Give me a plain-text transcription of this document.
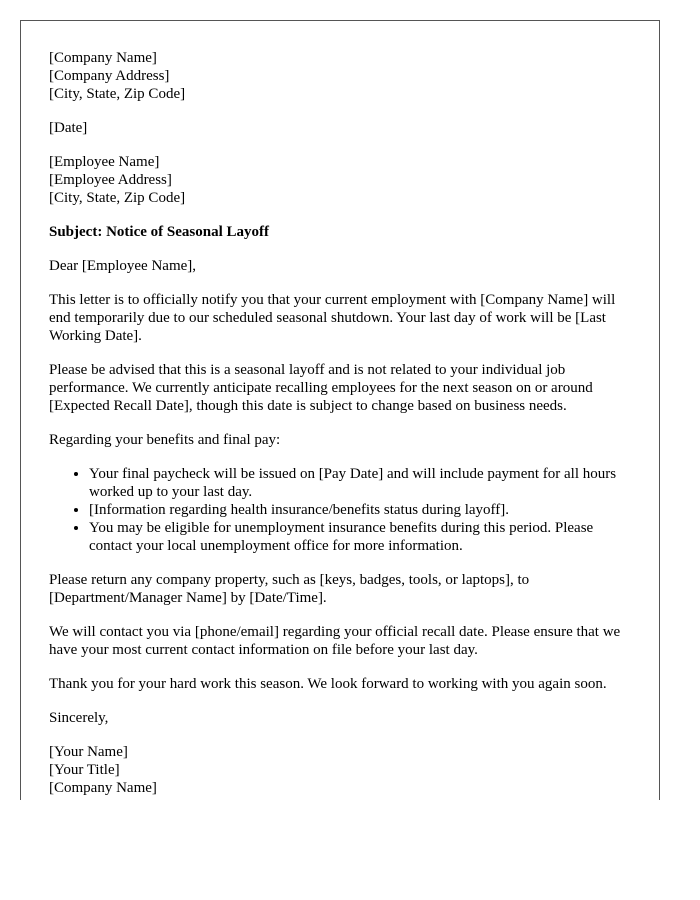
[Company Name]
[Company Address]
[City, State, Zip Code]
[Date]
[Employee Name]
[Employee Address]
[City, State, Zip Code]

Subject: Notice of Seasonal Layoff

Dear [Employee Name],

This letter is to officially notify you that your current employment with [Company Name] will end temporarily due to our scheduled seasonal shutdown. Your last day of work will be [Last Working Date].

Please be advised that this is a seasonal layoff and is not related to your individual job performance. We currently anticipate recalling employees for the next season on or around [Expected Recall Date], though this date is subject to change based on business needs.

Regarding your benefits and final pay:

• Your final paycheck will be issued on [Pay Date] and will include payment for all hours worked up to your last day.
• [Information regarding health insurance/benefits status during layoff].
• You may be eligible for unemployment insurance benefits during this period. Please contact your local unemployment office for more information.

Please return any company property, such as [keys, badges, tools, or laptops], to [Department/Manager Name] by [Date/Time].

We will contact you via [phone/email] regarding your official recall date. Please ensure that we have your most current contact information on file before your last day.

Thank you for your hard work this season. We look forward to working with you again soon.

Sincerely,

[Your Name]
[Your Title]
[Company Name]
